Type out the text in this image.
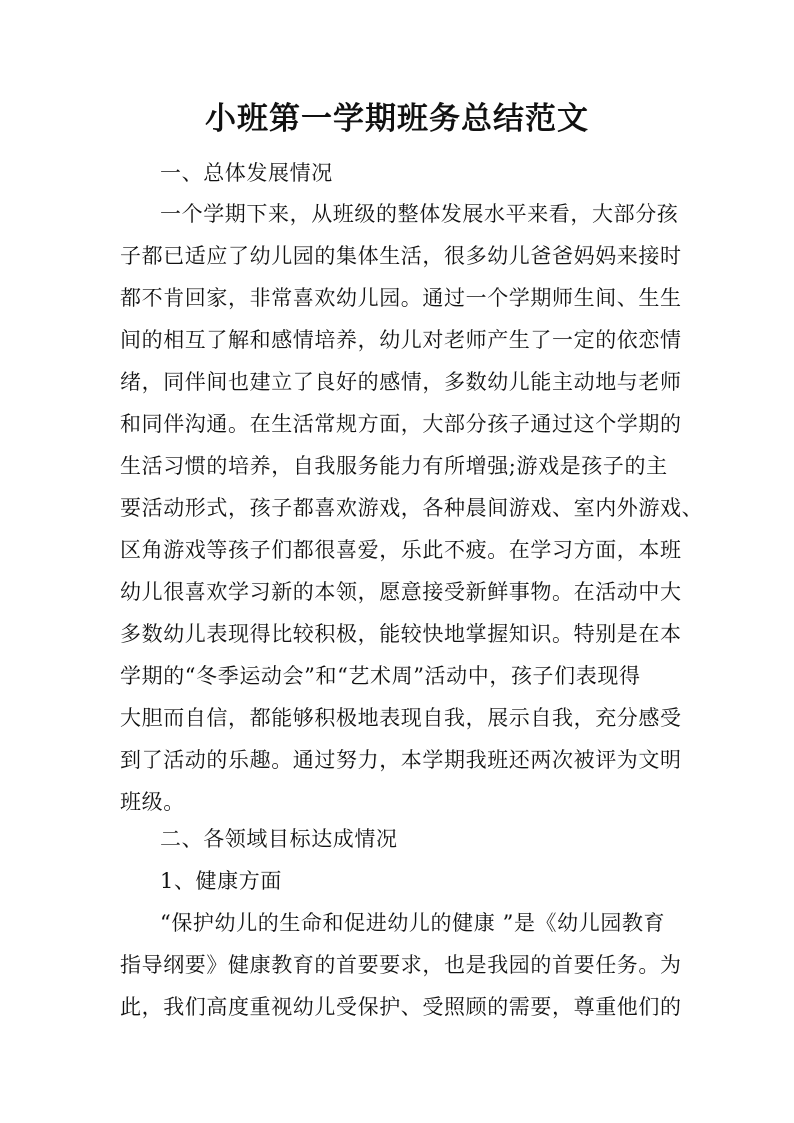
小班第一学期班务总结范文
一、总体发展情况
一个学期下来，从班级的整体发展水平来看，大部分孩
子都已适应了幼儿园的集体生活，很多幼儿爸爸妈妈来接时
都不肯回家，非常喜欢幼儿园。通过一个学期师生间、生生
间的相互了解和感情培养，幼儿对老师产生了一定的依恋情
绪，同伴间也建立了良好的感情，多数幼儿能主动地与老师
和同伴沟通。在生活常规方面，大部分孩子通过这个学期的
生活习惯的培养，自我服务能力有所增强;游戏是孩子的主
要活动形式，孩子都喜欢游戏，各种晨间游戏、室内外游戏、
区角游戏等孩子们都很喜爱，乐此不疲。在学习方面，本班
幼儿很喜欢学习新的本领，愿意接受新鲜事物。在活动中大
多数幼儿表现得比较积极，能较快地掌握知识。特别是在本
学期的“冬季运动会”和“艺术周”活动中，孩子们表现得
大胆而自信，都能够积极地表现自我，展示自我，充分感受
到了活动的乐趣。通过努力，本学期我班还两次被评为文明
班级。
二、各领域目标达成情况
1、健康方面
“保护幼儿的生命和促进幼儿的健康 ”是《幼儿园教育
指导纲要》健康教育的首要要求，也是我园的首要任务。为
此，我们高度重视幼儿受保护、受照顾的需要，尊重他们的
